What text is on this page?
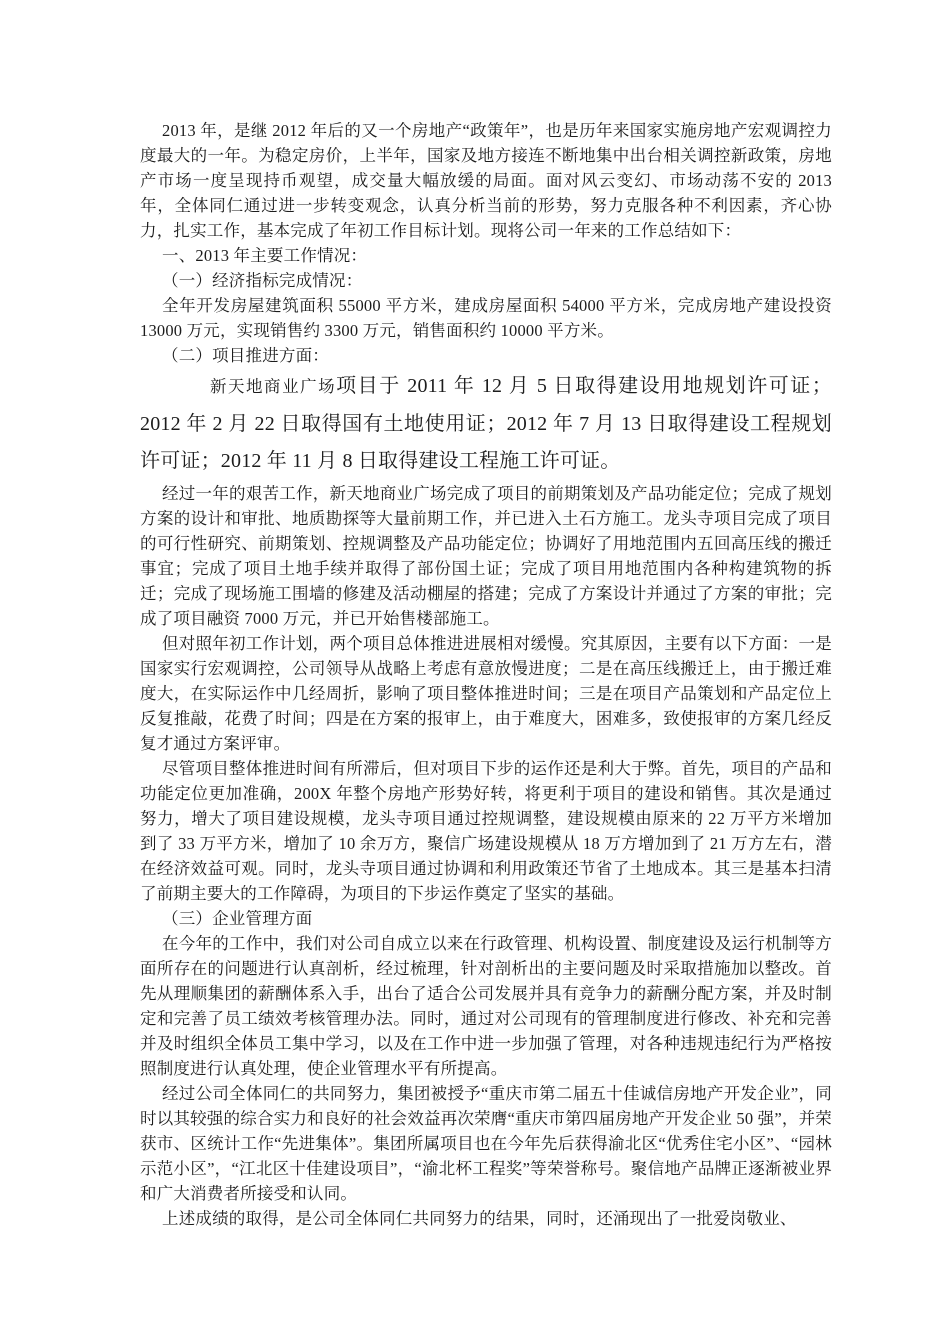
2013 年，是继 2012 年后的又一个房地产“政策年”，也是历年来国家实施房地产宏观调控力度最大的一年。为稳定房价，上半年，国家及地方接连不断地集中出台相关调控新政策，房地产市场一度呈现持币观望，成交量大幅放缓的局面。面对风云变幻、市场动荡不安的 2013 年，全体同仁通过进一步转变观念，认真分析当前的形势，努力克服各种不利因素，齐心协力，扎实工作，基本完成了年初工作目标计划。现将公司一年来的工作总结如下：

一、2013 年主要工作情况：

（一）经济指标完成情况：

全年开发房屋建筑面积 55000 平方米，建成房屋面积 54000 平方米，完成房地产建设投资 13000 万元，实现销售约 3300 万元，销售面积约 10000 平方米。

（二）项目推进方面：

新天地商业广场项目于 2011 年 12 月 5 日取得建设用地规划许可证；2012 年 2 月 22 日取得国有土地使用证；2012 年 7 月 13 日取得建设工程规划许可证；2012 年 11 月 8 日取得建设工程施工许可证。

经过一年的艰苦工作，新天地商业广场完成了项目的前期策划及产品功能定位；完成了规划方案的设计和审批、地质勘探等大量前期工作，并已进入土石方施工。龙头寺项目完成了项目的可行性研究、前期策划、控规调整及产品功能定位；协调好了用地范围内五回高压线的搬迁事宜；完成了项目土地手续并取得了部份国土证；完成了项目用地范围内各种构建筑物的拆迁；完成了现场施工围墙的修建及活动棚屋的搭建；完成了方案设计并通过了方案的审批；完成了项目融资 7000 万元，并已开始售楼部施工。

但对照年初工作计划，两个项目总体推进进展相对缓慢。究其原因，主要有以下方面：一是国家实行宏观调控，公司领导从战略上考虑有意放慢进度；二是在高压线搬迁上，由于搬迁难度大，在实际运作中几经周折，影响了项目整体推进时间；三是在项目产品策划和产品定位上反复推敲，花费了时间；四是在方案的报审上，由于难度大，困难多，致使报审的方案几经反复才通过方案评审。

尽管项目整体推进时间有所滞后，但对项目下步的运作还是利大于弊。首先，项目的产品和功能定位更加准确，200X 年整个房地产形势好转，将更利于项目的建设和销售。其次是通过努力，增大了项目建设规模，龙头寺项目通过控规调整，建设规模由原来的 22 万平方米增加到了 33 万平方米，增加了 10 余万方，聚信广场建设规模从 18 万方增加到了 21 万方左右，潜在经济效益可观。同时，龙头寺项目通过协调和利用政策还节省了土地成本。其三是基本扫清了前期主要大的工作障碍，为项目的下步运作奠定了坚实的基础。

（三）企业管理方面

在今年的工作中，我们对公司自成立以来在行政管理、机构设置、制度建设及运行机制等方面所存在的问题进行认真剖析，经过梳理，针对剖析出的主要问题及时采取措施加以整改。首先从理顺集团的薪酬体系入手，出台了适合公司发展并具有竞争力的薪酬分配方案，并及时制定和完善了员工绩效考核管理办法。同时，通过对公司现有的管理制度进行修改、补充和完善并及时组织全体员工集中学习，以及在工作中进一步加强了管理，对各种违规违纪行为严格按照制度进行认真处理，使企业管理水平有所提高。

经过公司全体同仁的共同努力，集团被授予“重庆市第二届五十佳诚信房地产开发企业”，同时以其较强的综合实力和良好的社会效益再次荣膺“重庆市第四届房地产开发企业 50 强”，并荣获市、区统计工作“先进集体”。集团所属项目也在今年先后获得渝北区“优秀住宅小区”、“园林示范小区”，“江北区十佳建设项目”，“渝北杯工程奖”等荣誉称号。聚信地产品牌正逐渐被业界和广大消费者所接受和认同。

上述成绩的取得，是公司全体同仁共同努力的结果，同时，还涌现出了一批爱岗敬业、
